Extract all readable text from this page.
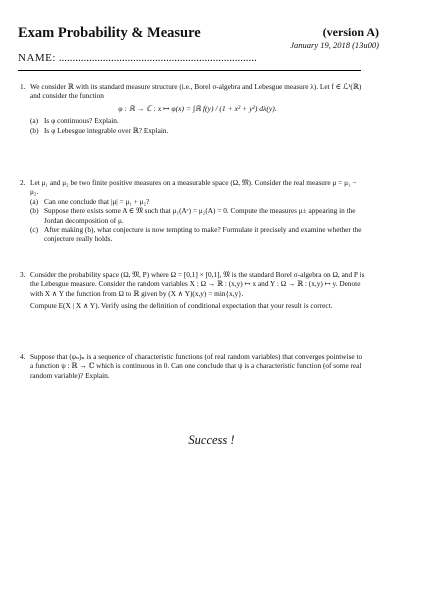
Exam Probability & Measure	(version A)
January 19, 2018 (13u00)
NAME: ........................................................................
1. We consider ℝ with its standard measure structure (i.e., Borel σ-algebra and Lebesgue measure λ). Let f ∈ ℒ¹(ℝ) and consider the function

φ : ℝ → ℂ : x ↦ φ(x) = ∫ℝ f(y) / (1 + x² + y²) dλ(y).

(a) Is φ continuous? Explain.

(b) Is φ Lebesgue integrable over ℝ? Explain.

2. Let μ₁ and μ₂ be two finite positive measures on a measurable space (Ω, 𝔐). Consider the real measure μ = μ₁ − μ₂.

(a) Can one conclude that |μ| = μ₁ + μ₂?

(b) Suppose there exists some A ∈ 𝔐 such that μ₁(Aᶜ) = μ₂(A) = 0. Compute the measures μ± appearing in the Jordan decomposition of μ.

(c) After making (b), what conjecture is now tempting to make? Formulate it precisely and examine whether the conjecture really holds.

3. Consider the probability space (Ω, 𝔐, P) where Ω = [0,1] × [0,1], 𝔐 is the standard Borel σ-algebra on Ω, and P is the Lebesgue measure. Consider the random variables X : Ω → ℝ : (x,y) ↦ x and Y : Ω → ℝ : (x,y) ↦ y. Denote with X ∧ Y the function from Ω to ℝ given by (X ∧ Y)(x,y) = min{x,y}.

Compute E(X | X ∧ Y). Verify using the definition of conditional expectation that your result is correct.

4. Suppose that (φₙ)ₙ is a sequence of characteristic functions (of real random variables) that converges pointwise to a function ψ : ℝ → ℂ which is continuous in 0. Can one conclude that ψ is a characteristic function (of some real random variable)? Explain.

Success !
